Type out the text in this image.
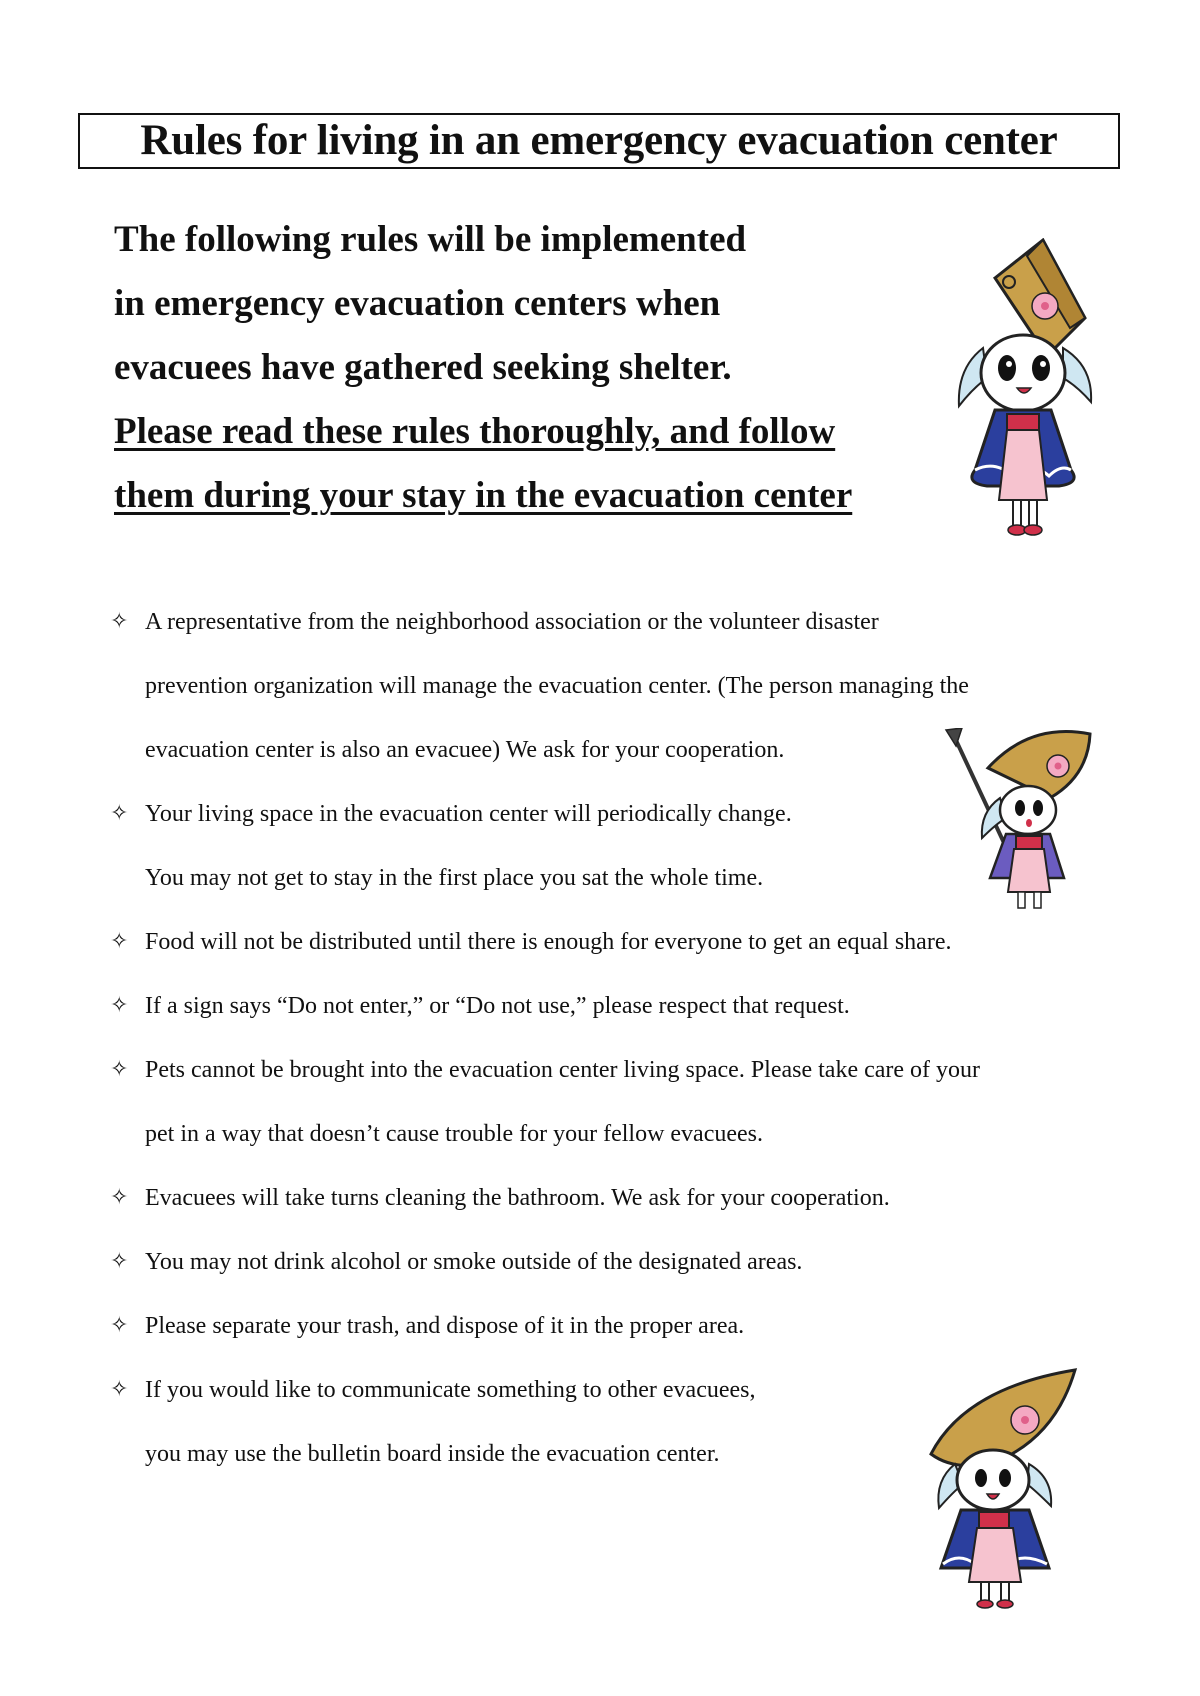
Rules for living in an emergency evacuation center
The following rules will be implemented
in emergency evacuation centers when
evacuees have gathered seeking shelter.
Please read these rules thoroughly, and follow
them during your stay in the evacuation center
✧ A representative from the neighborhood association or the volunteer disaster
prevention organization will manage the evacuation center. (The person managing the
evacuation center is also an evacuee) We ask for your cooperation.
✧ Your living space in the evacuation center will periodically change.
You may not get to stay in the first place you sat the whole time.
✧ Food will not be distributed until there is enough for everyone to get an equal share.
✧ If a sign says “Do not enter,” or “Do not use,” please respect that request.
✧ Pets cannot be brought into the evacuation center living space. Please take care of your
pet in a way that doesn’t cause trouble for your fellow evacuees.
✧ Evacuees will take turns cleaning the bathroom. We ask for your cooperation.
✧ You may not drink alcohol or smoke outside of the designated areas.
✧ Please separate your trash, and dispose of it in the proper area.
✧ If you would like to communicate something to other evacuees,
you may use the bulletin board inside the evacuation center.
